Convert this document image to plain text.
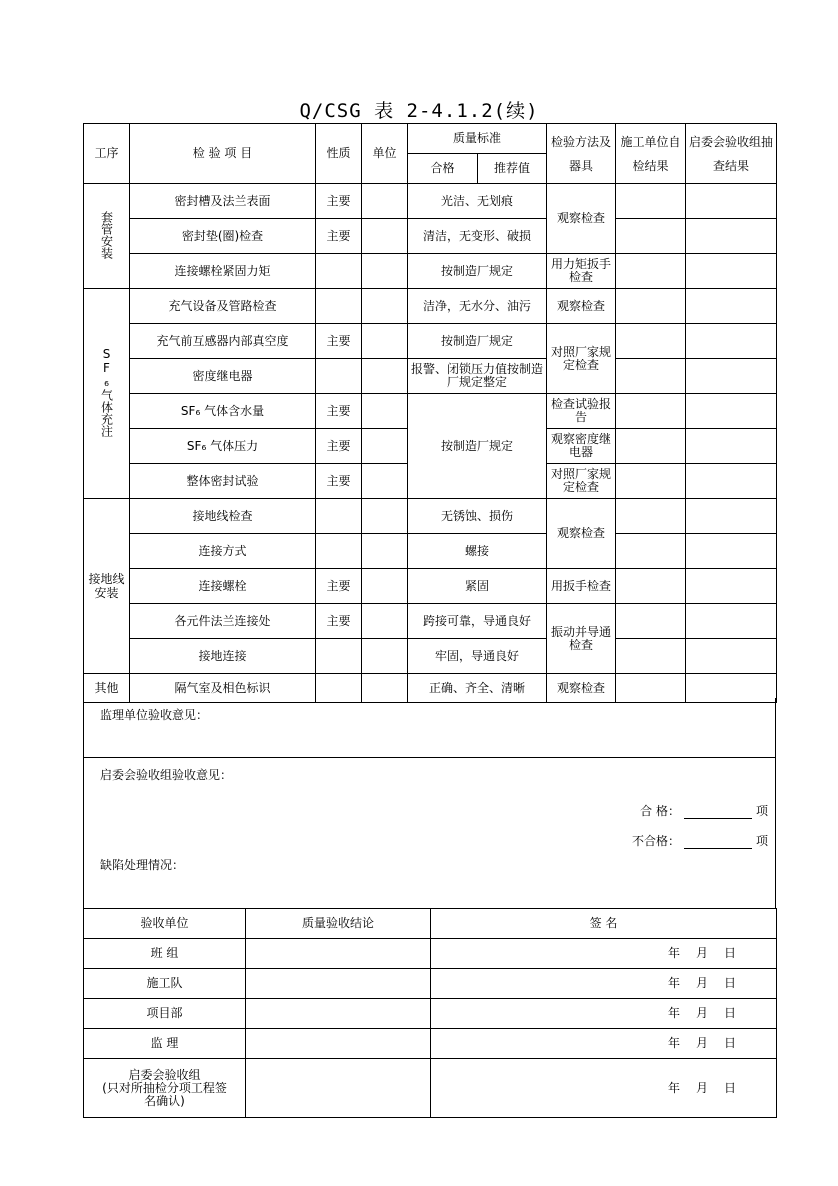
Q/CSG 表 2-4.1.2(续)
工序	检 验 项 目	性质	单位	质量标准		检验方法及器具	施工单位自检结果	启委会验收组抽查结果
				合格	推荐值			
套管安装	密封槽及法兰表面	主要		光洁、无划痕		观察检查		
	密封垫(圈)检查	主要		清洁，无变形、破损				
	连接螺栓紧固力矩			按制造厂规定		用力矩扳手检查		
SF₆气体充注	充气设备及管路检查			洁净，无水分、油污		观察检查		
	充气前互感器内部真空度	主要		按制造厂规定		对照厂家规定检查		
	密度继电器			报警、闭锁压力值按制造厂规定整定				
	SF₆ 气体含水量	主要		按制造厂规定		检查试验报告		
	SF₆ 气体压力	主要				观察密度继电器		
	整体密封试验	主要				对照厂家规定检查		
接地线安装	接地线检查			无锈蚀、损伤		观察检查		
	连接方式			螺接				
	连接螺栓	主要		紧固		用扳手检查		
	各元件法兰连接处	主要		跨接可靠，导通良好		振动并导通检查		
	接地连接			牢固，导通良好				
其他	隔气室及相色标识			正确、齐全、清晰		观察检查		
监理单位验收意见：
启委会验收组验收意见：
合 格：	项
不合格：	项
缺陷处理情况：
验收单位	质量验收结论	签 名
班 组		年 月 日
施工队		年 月 日
项目部		年 月 日
监 理		年 月 日
启委会验收组
(只对所抽检分项工程签名确认)		年 月 日
